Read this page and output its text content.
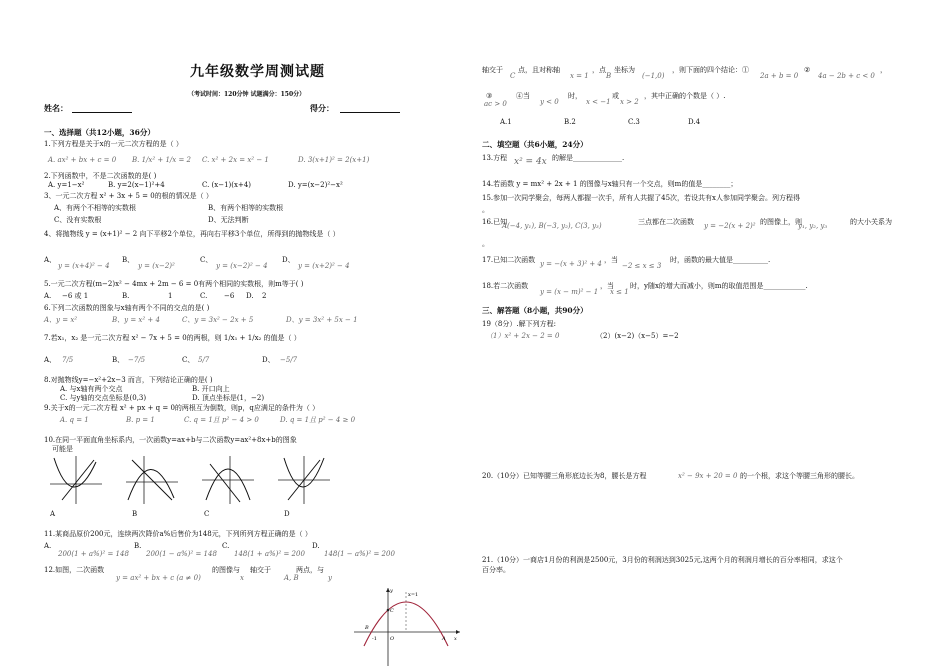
九年级数学周测试题
（考试时间：120分钟 试题满分：150分）
姓名：	得分：
一、选择题（共12小题，36分）
1.下列方程是关于x的一元二次方程的是（ ）
A. ax² + bx + c = 0 B. 1/x² + 1/x = 2 C. x² + 2x = x² − 1	D. 3(x+1)² = 2(x+1)
2.下列函数中，不是二次函数的是( )
A. y=1−x²	B. y=2(x−1)²+4	C. (x−1)(x+4)	D. y=(x−2)²−x²
3、一元二次方程 x² + 3x + 5 = 0的根的情况是（ ）
A、有两个不相等的实数根	B、有两个相等的实数根
C、没有实数根	D、无法判断
4、将抛物线 y = (x+1)² − 2 向下平移2个单位，再向右平移3个单位，所得到的抛物线是（ ）
A、
y = (x+4)² − 4
B、
y = (x−2)²
C、
y = (x−2)² − 4
D、
y = (x+2)² − 4
5.一元二次方程(m−2)x² − 4mx + 2m − 6 = 0有两个相同的实数根，则m等于( )
A. −6 或 1	B.	1	C. −6 D. 2
6.下列二次函数的图象与x轴有两个不同的交点的是( )
A、y = x²	B、y = x² + 4	C、y = 3x² − 2x + 5	D、y = 3x² + 5x − 1
7.若x₁，x₂ 是一元二次方程 x² − 7x + 5 = 0的两根，则 1/x₁ + 1/x₂ 的值是（ ）
A、 7/5	B、 −7/5	C、 5/7	D、 −5/7
8.对抛物线y=−x²+2x−3 而言，下列结论正确的是( )
A. 与x轴有两个交点	B. 开口向上
C. 与y轴的交点坐标是(0,3)	D. 顶点坐标是(1，−2)
9.关于x的一元二次方程 x² + px + q = 0的两根互为倒数，则p，q应满足的条件为（ ）
A. q = 1	B. p = 1	C. q = 1且 p² − 4 > 0	D. q = 1且 p² − 4 ≥ 0
10.在同一平面直角坐标系内，一次函数y=ax+b与二次函数y=ax²+8x+b的图象
可能是
A	B	C	D
11.某商品原价200元，连续两次降价a%后售价为148元，下列所列方程正确的是（ ）
A.
200(1 + a%)² = 148
B.
200(1 − a%)² = 148
C.
148(1 + a%)² = 200
D.
148(1 − a%)² = 200
12.如图，二次函数
y = ax² + bx + c (a ≠ 0)
的图像与
x
轴交于
A, B
两点，与
y
x=1
y
x
B
C
A
O
-1
轴交于
C
点，且对称轴
x = 1
，点
B
坐标为
(−1,0)
，则下面的四个结论：①
2a + b = 0
②
4a − 2b + c < 0
，
③
ac > 0
④当
y < 0
时，
x < −1
或
x > 2
，其中正确的个数是（ ）.
A.1	B.2	C.3	D.4
二、填空题（共6小题，24分）
13.方程 x² = 4x 的解是______________.
14.若函数 y = mx² + 2x + 1 的图像与x轴只有一个交点，则m的值是________；
15.参加一次同学聚会，每两人都握一次手，所有人共握了45次，若设共有x人参加同学聚会。列方程得
。
16.已知
A(−4, y₁), B(−3, y₂), C(3, y₃)	三点都在二次函数 y = −2(x + 2)² 的图像上，则
y₁, y₂, y₃	的大小关系为
。
17.已知二次函数 y = −(x + 3)² + 4 ，当
−2 ≤ x ≤ 3
时，函数的最大值是__________.
18.若二次函数
y = (x − m)² − 1
，当
x ≤ 1
时，y随x的增大而减小，则m的取值范围是____________.
三、解答题（8小题，共90分）
19（8分）.解下列方程:
（1）x² + 2x − 2 = 0	（2）(x−2)（x−5）=−2
20.（10分）已知等腰三角形底边长为8，腰长是方程	x² − 9x + 20 = 0 的一个根，求这个等腰三角形的腰长。
21.（10分）一商店1月份的利润是2500元，3月份的利润达到3025元,这两个月的利润月增长的百分率相同，求这个
百分率。
